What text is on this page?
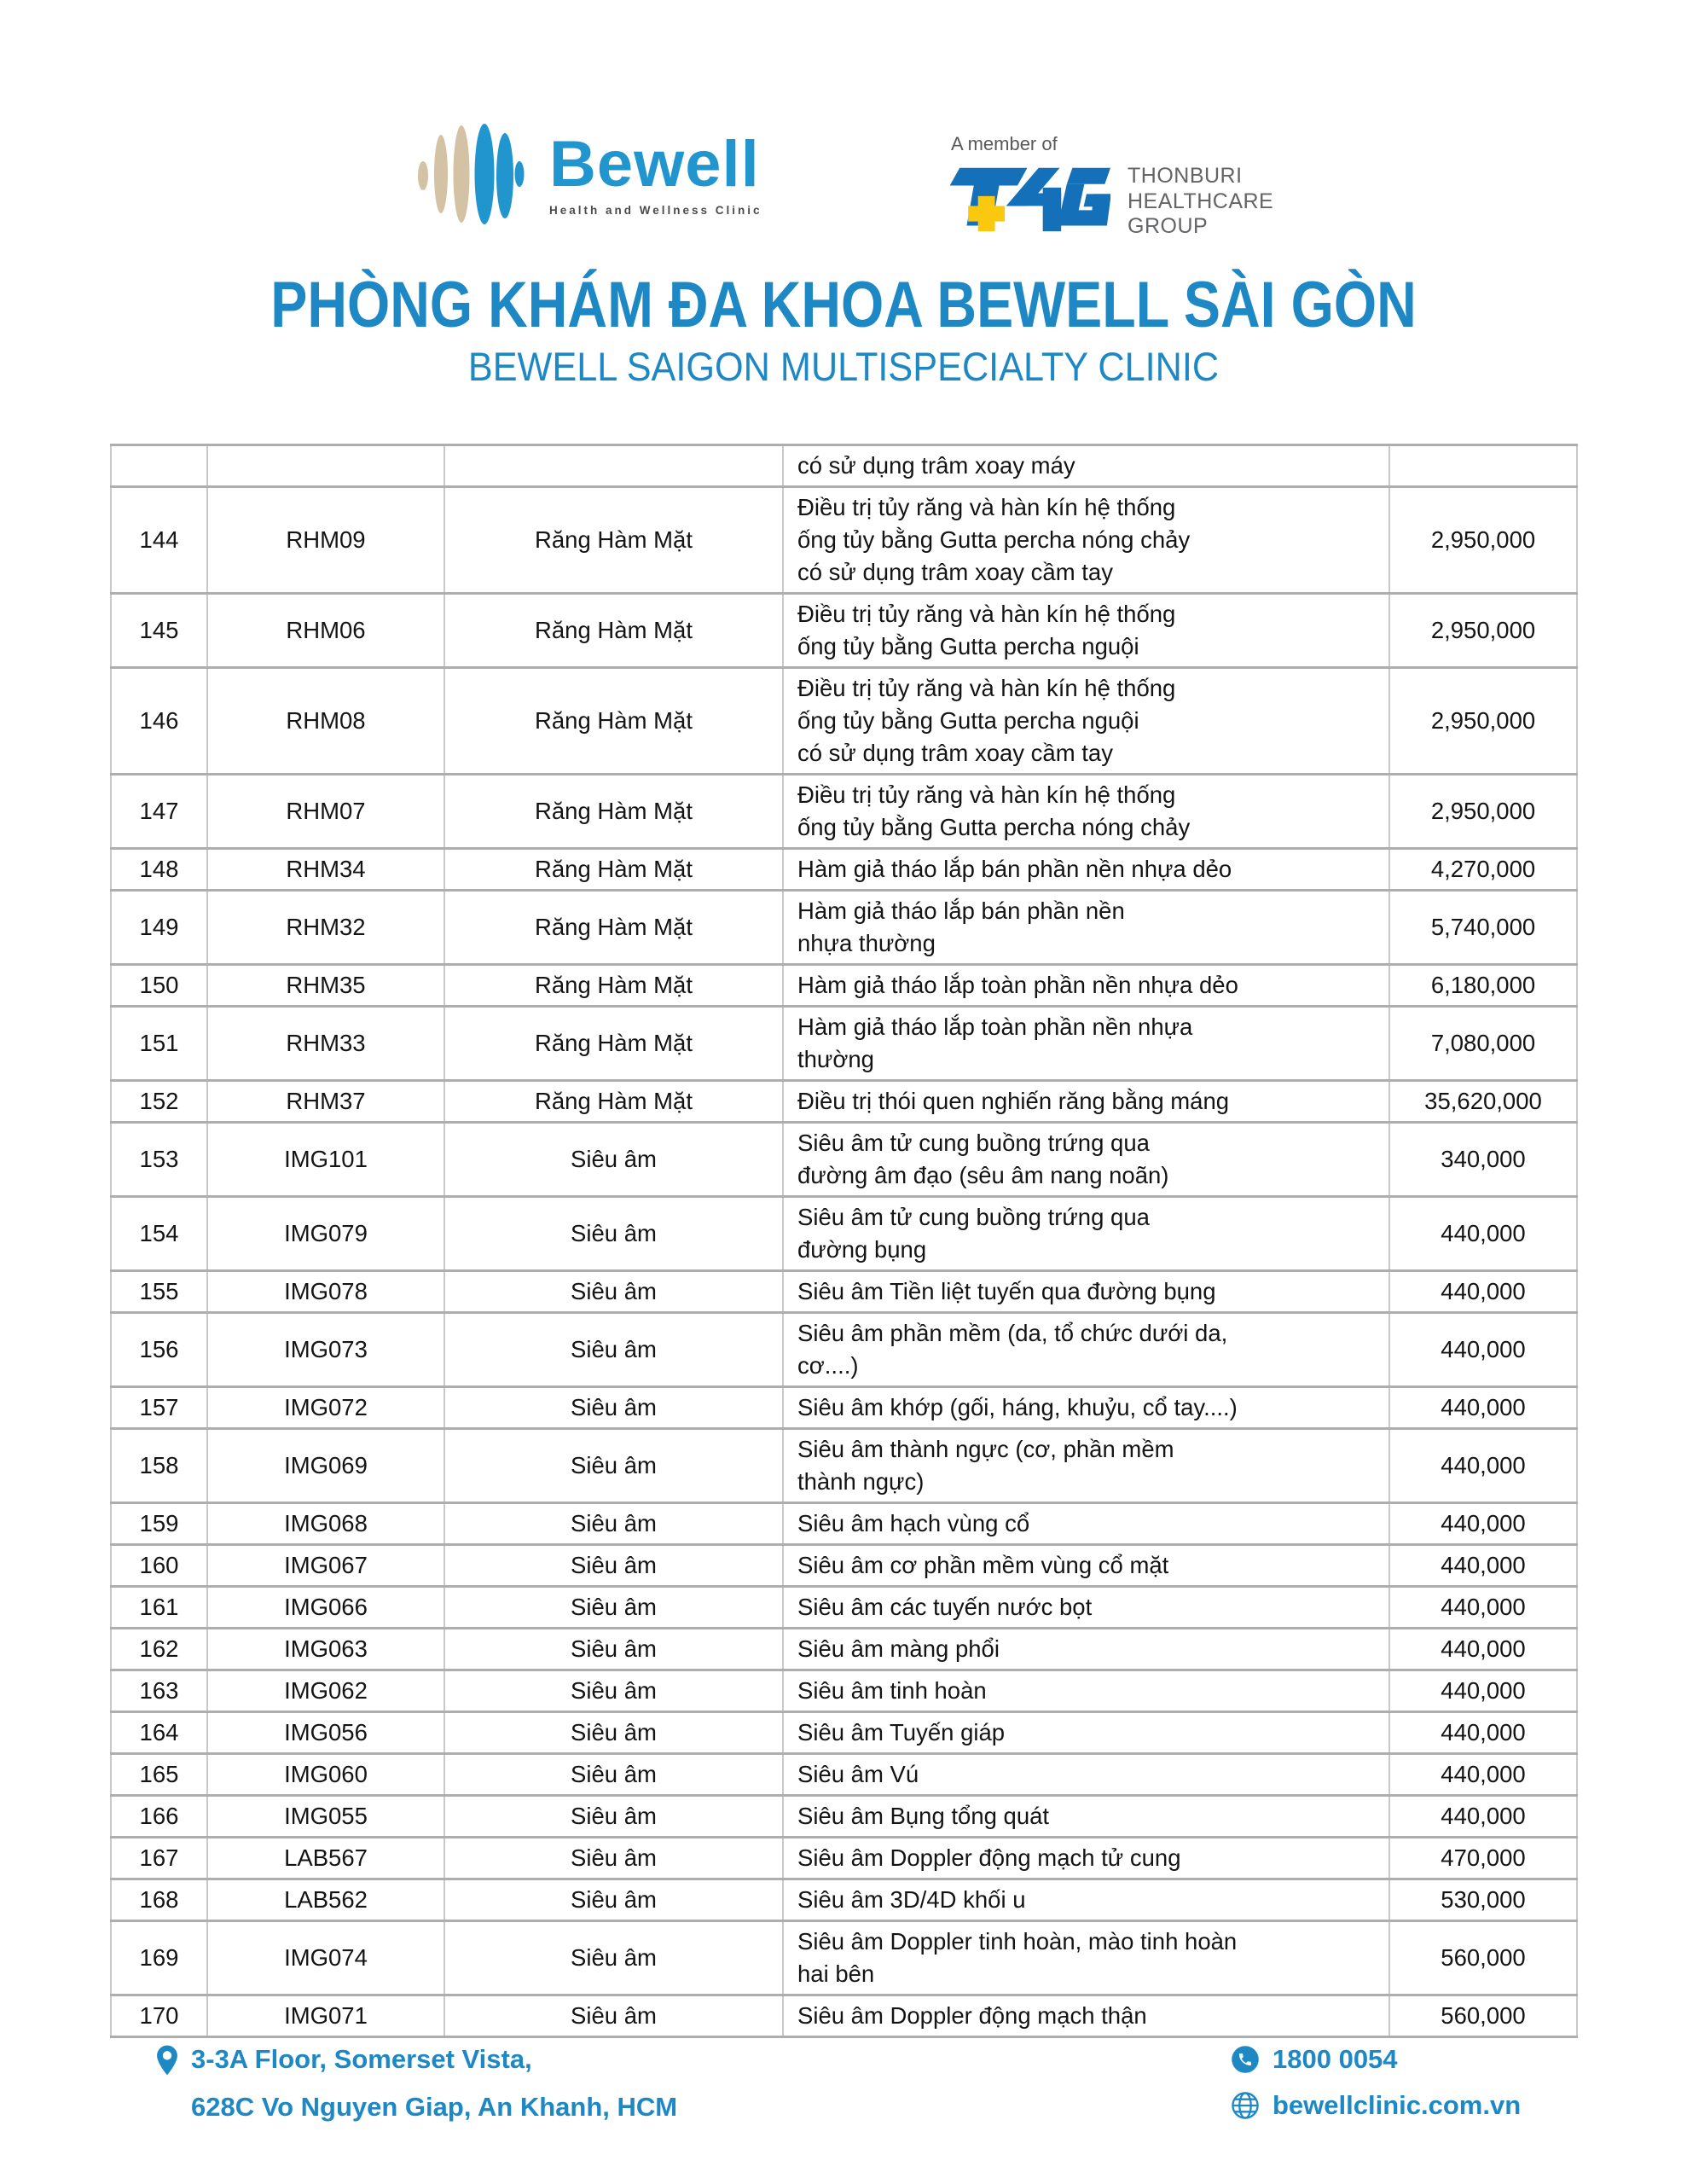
Bewell
Health and Wellness Clinic
A member of
THONBURI
HEALTHCARE
GROUP
PHÒNG KHÁM ĐA KHOA BEWELL SÀI GÒN
BEWELL SAIGON MULTISPECIALTY CLINIC
			có sử dụng trâm xoay máy	
144	RHM09	Răng Hàm Mặt	Điều trị tủy răng và hàn kín hệ thống
ống tủy bằng Gutta percha nóng chảy
có sử dụng trâm xoay cầm tay	2,950,000
145	RHM06	Răng Hàm Mặt	Điều trị tủy răng và hàn kín hệ thống
ống tủy bằng Gutta percha nguội	2,950,000
146	RHM08	Răng Hàm Mặt	Điều trị tủy răng và hàn kín hệ thống
ống tủy bằng Gutta percha nguội
có sử dụng trâm xoay cầm tay	2,950,000
147	RHM07	Răng Hàm Mặt	Điều trị tủy răng và hàn kín hệ thống
ống tủy bằng Gutta percha nóng chảy	2,950,000
148	RHM34	Răng Hàm Mặt	Hàm giả tháo lắp bán phần nền nhựa dẻo	4,270,000
149	RHM32	Răng Hàm Mặt	Hàm giả tháo lắp bán phần nền
nhựa thường	5,740,000
150	RHM35	Răng Hàm Mặt	Hàm giả tháo lắp toàn phần nền nhựa dẻo	6,180,000
151	RHM33	Răng Hàm Mặt	Hàm giả tháo lắp toàn phần nền nhựa
thường	7,080,000
152	RHM37	Răng Hàm Mặt	Điều trị thói quen nghiến răng bằng máng	35,620,000
153	IMG101	Siêu âm	Siêu âm tử cung buồng trứng qua
đường âm đạo (sêu âm nang noãn)	340,000
154	IMG079	Siêu âm	Siêu âm tử cung buồng trứng qua
đường bụng	440,000
155	IMG078	Siêu âm	Siêu âm Tiền liệt tuyến qua đường bụng	440,000
156	IMG073	Siêu âm	Siêu âm phần mềm (da, tổ chức dưới da,
cơ....)	440,000
157	IMG072	Siêu âm	Siêu âm khớp (gối, háng, khuỷu, cổ tay....)	440,000
158	IMG069	Siêu âm	Siêu âm thành ngực (cơ, phần mềm
thành ngực)	440,000
159	IMG068	Siêu âm	Siêu âm hạch vùng cổ	440,000
160	IMG067	Siêu âm	Siêu âm cơ phần mềm vùng cổ mặt	440,000
161	IMG066	Siêu âm	Siêu âm các tuyến nước bọt	440,000
162	IMG063	Siêu âm	Siêu âm màng phổi	440,000
163	IMG062	Siêu âm	Siêu âm tinh hoàn	440,000
164	IMG056	Siêu âm	Siêu âm Tuyến giáp	440,000
165	IMG060	Siêu âm	Siêu âm Vú	440,000
166	IMG055	Siêu âm	Siêu âm Bụng tổng quát	440,000
167	LAB567	Siêu âm	Siêu âm Doppler động mạch tử cung	470,000
168	LAB562	Siêu âm	Siêu âm 3D/4D khối u	530,000
169	IMG074	Siêu âm	Siêu âm Doppler tinh hoàn, mào tinh hoàn
hai bên	560,000
170	IMG071	Siêu âm	Siêu âm Doppler động mạch thận	560,000
3-3A Floor, Somerset Vista,
628C Vo Nguyen Giap, An Khanh, HCM
1800 0054
bewellclinic.com.vn
